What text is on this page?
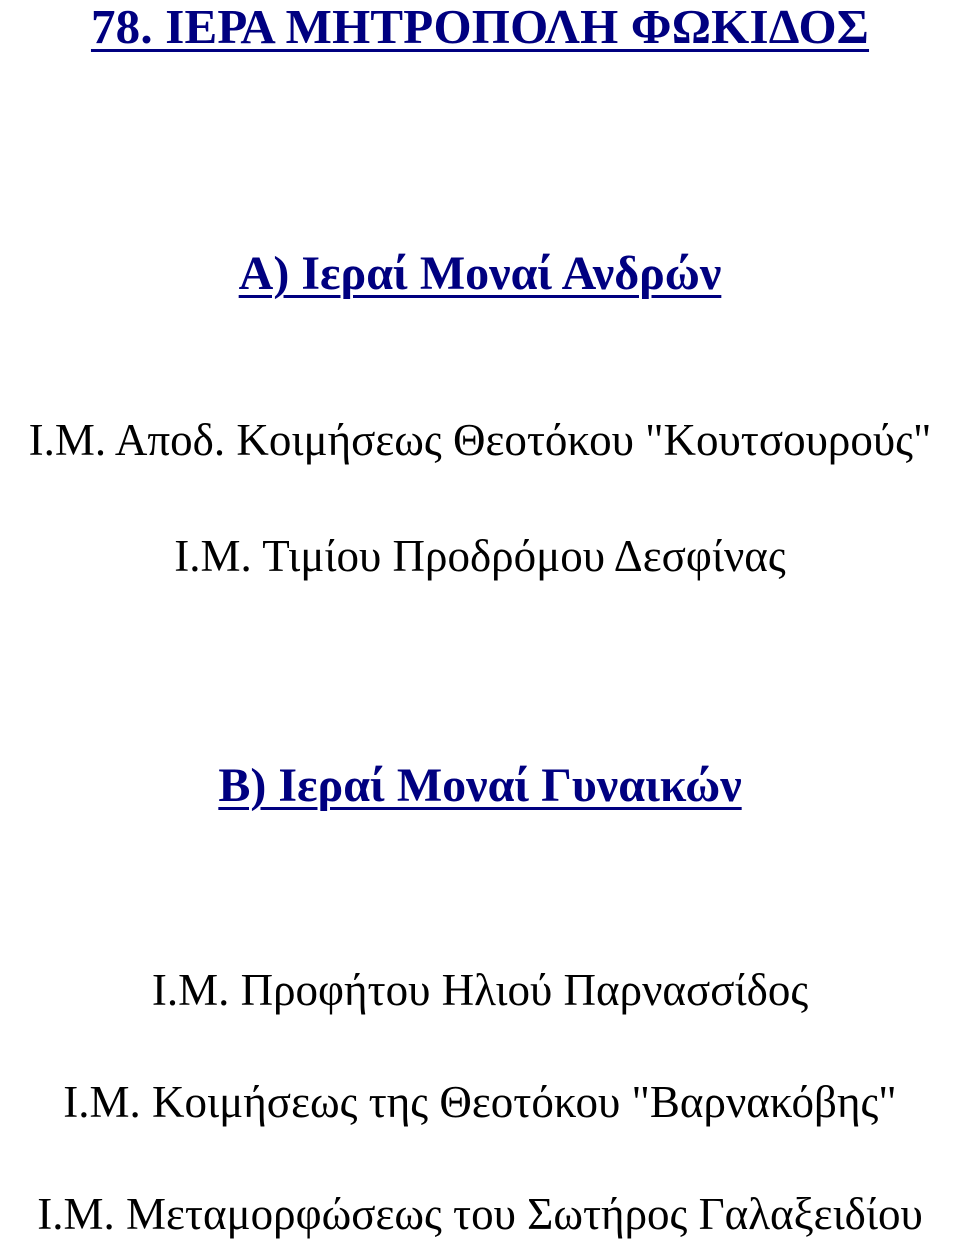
78. ΙΕΡΑ ΜΗΤΡΟΠΟΛΗ ΦΩΚΙΔΟΣ
Α) Ιεραί Μοναί Ανδρών

Ι.Μ. Αποδ. Κοιμήσεως Θεοτόκου "Κουτσουρούς"

Ι.Μ. Τιμίου Προδρόμου Δεσφίνας

Β) Ιεραί Μοναί Γυναικών

Ι.Μ. Προφήτου Ηλιού Παρνασσίδος

Ι.Μ. Κοιμήσεως της Θεοτόκου "Βαρνακόβης"

Ι.Μ. Μεταμορφώσεως του Σωτήρος Γαλαξειδίου
